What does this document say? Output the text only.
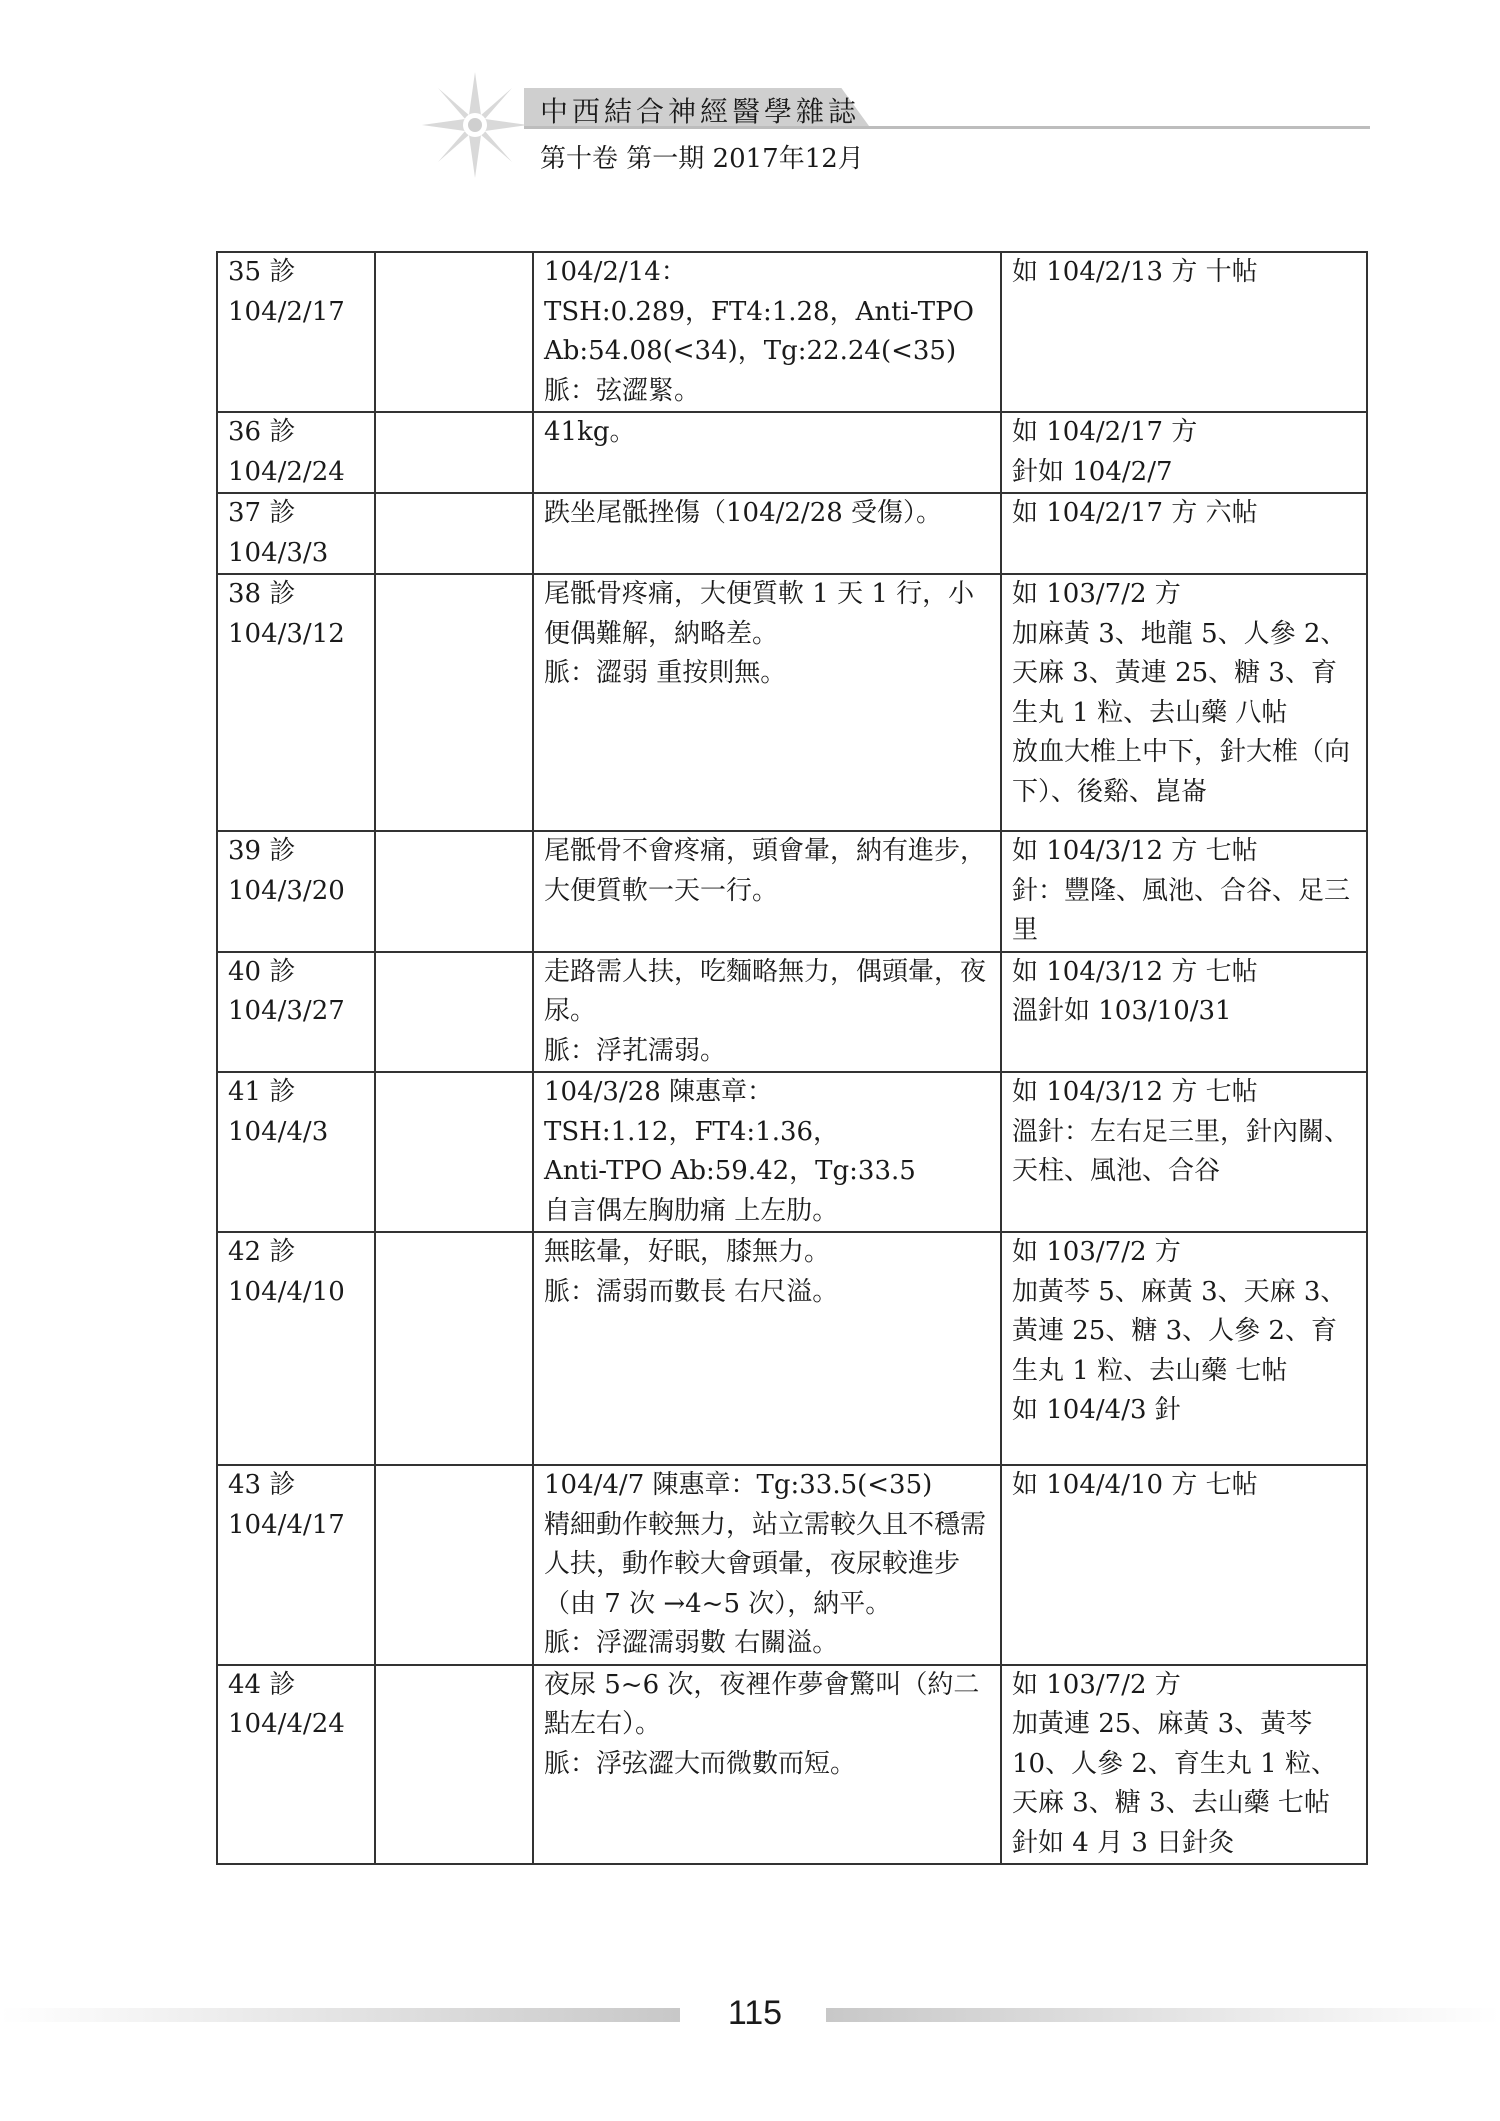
中西結合神經醫學雜誌
第十卷 第一期 2017年12月
35 診
104/2/17		104/2/14：
TSH:0.289，FT4:1.28，Anti-TPO Ab:54.08(<34)，Tg:22.24(<35)
脈：弦澀緊。	如 104/2/13 方 十帖
36 診
104/2/24		41kg。	如 104/2/17 方
針如 104/2/7
37 診
104/3/3		跌坐尾骶挫傷（104/2/28 受傷）。	如 104/2/17 方 六帖
38 診
104/3/12		尾骶骨疼痛，大便質軟 1 天 1 行，小便偶難解，納略差。
脈：澀弱 重按則無。	如 103/7/2 方
加麻黃 3、地龍 5、人參 2、天麻 3、黃連 25、糖 3、育生丸 1 粒、去山藥 八帖
放血大椎上中下，針大椎（向下）、後谿、崑崙
39 診
104/3/20		尾骶骨不會疼痛，頭會暈，納有進步，大便質軟一天一行。	如 104/3/12 方 七帖
針：豐隆、風池、合谷、足三里
40 診
104/3/27		走路需人扶，吃麵略無力，偶頭暈，夜尿。
脈：浮芤濡弱。	如 104/3/12 方 七帖
溫針如 103/10/31
41 診
104/4/3		104/3/28 陳惠章：
TSH:1.12，FT4:1.36，
Anti-TPO Ab:59.42，Tg:33.5
自言偶左胸肋痛 上左肋。	如 104/3/12 方 七帖
溫針：左右足三里，針內關、天柱、風池、合谷
42 診
104/4/10		無眩暈，好眠，膝無力。
脈：濡弱而數長 右尺溢。	如 103/7/2 方
加黃芩 5、麻黃 3、天麻 3、黃連 25、糖 3、人參 2、育生丸 1 粒、去山藥 七帖
如 104/4/3 針
43 診
104/4/17		104/4/7 陳惠章：Tg:33.5(<35)
精細動作較無力，站立需較久且不穩需人扶，動作較大會頭暈，夜尿較進步（由 7 次 →4~5 次），納平。
脈：浮澀濡弱數 右關溢。	如 104/4/10 方 七帖
44 診
104/4/24		夜尿 5~6 次，夜裡作夢會驚叫（約二點左右）。
脈：浮弦澀大而微數而短。	如 103/7/2 方
加黃連 25、麻黃 3、黃芩 10、人參 2、育生丸 1 粒、天麻 3、糖 3、去山藥 七帖
針如 4 月 3 日針灸
115
